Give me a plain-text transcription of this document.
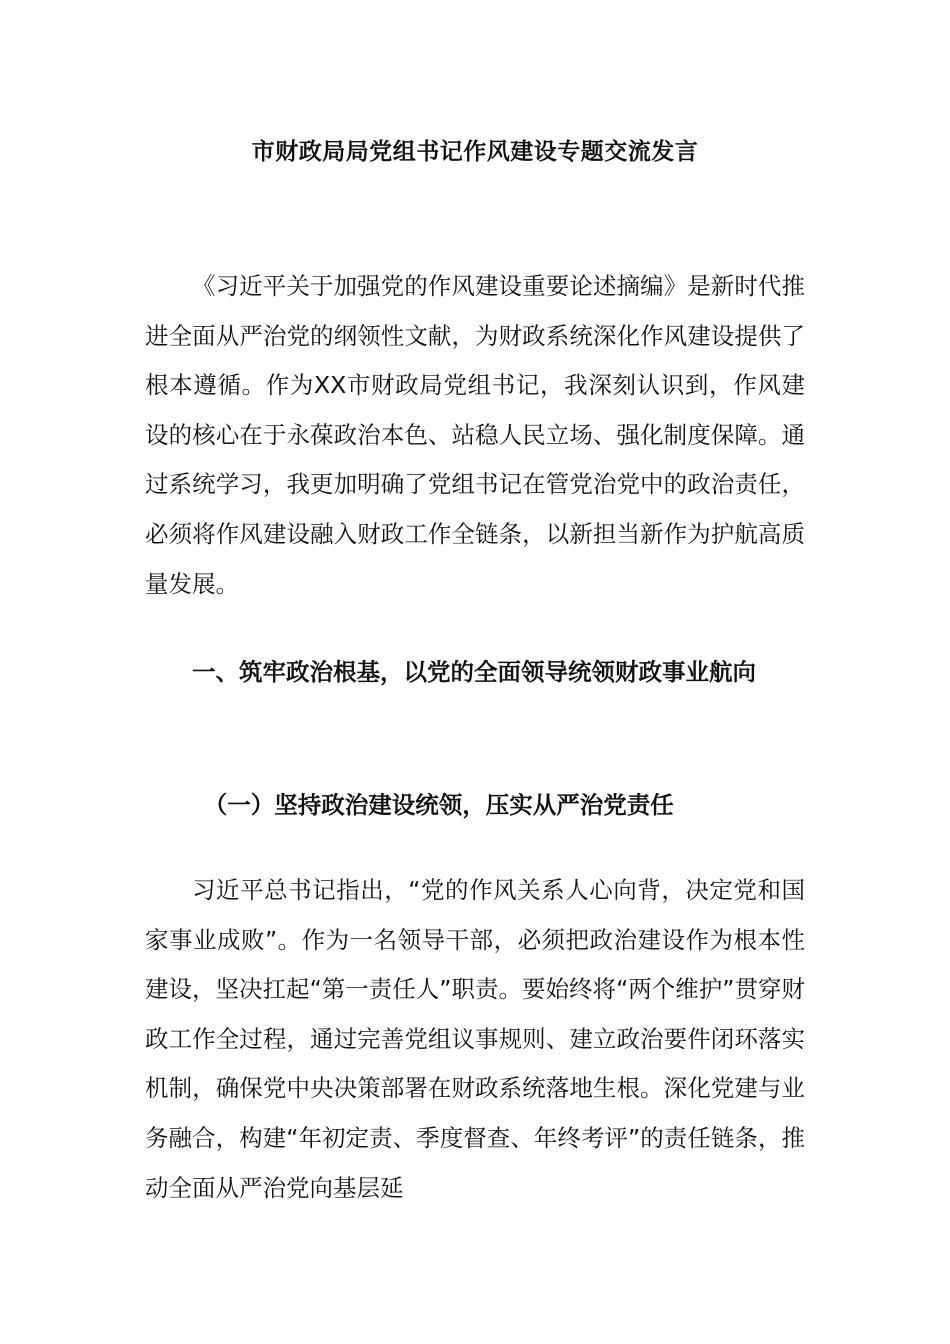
市财政局局党组书记作风建设专题交流发言

《习近平关于加强党的作风建设重要论述摘编》是新时代推进全面从严治党的纲领性文献，为财政系统深化作风建设提供了根本遵循。作为XX市财政局党组书记，我深刻认识到，作风建设的核心在于永葆政治本色、站稳人民立场、强化制度保障。通过系统学习，我更加明确了党组书记在管党治党中的政治责任，必须将作风建设融入财政工作全链条，以新担当新作为护航高质量发展。

一、筑牢政治根基，以党的全面领导统领财政事业航向

（一）坚持政治建设统领，压实从严治党责任

习近平总书记指出，“党的作风关系人心向背，决定党和国家事业成败”。作为一名领导干部，必须把政治建设作为根本性建设，坚决扛起“第一责任人”职责。要始终将“两个维护”贯穿财政工作全过程，通过完善党组议事规则、建立政治要件闭环落实机制，确保党中央决策部署在财政系统落地生根。深化党建与业务融合，构建“年初定责、季度督查、年终考评”的责任链条，推动全面从严治党向基层延
